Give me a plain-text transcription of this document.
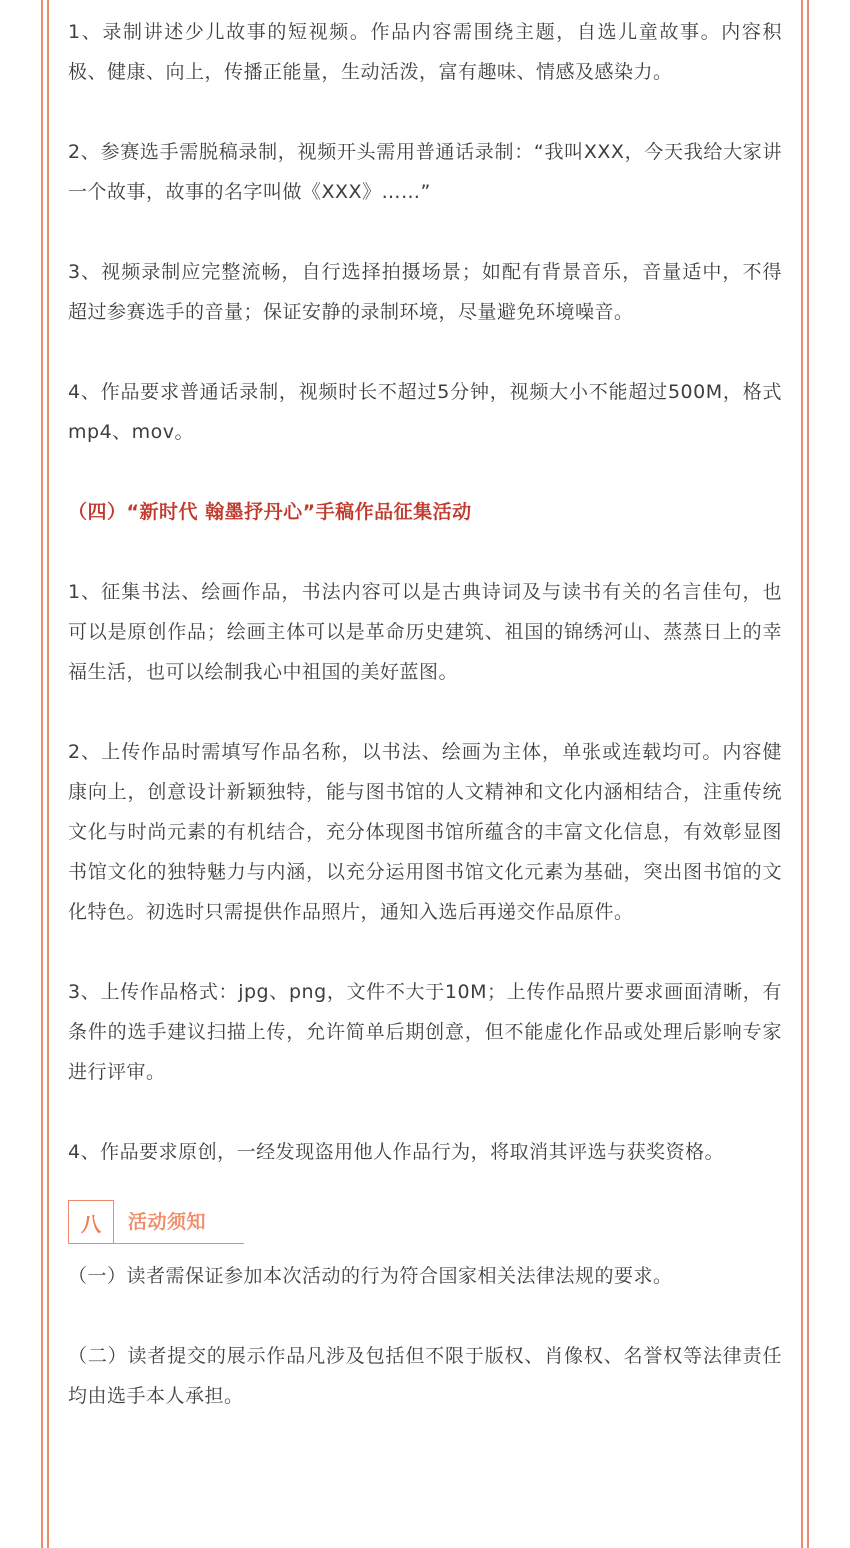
1、录制讲述少儿故事的短视频。作品内容需围绕主题，自选儿童故事。内容积极、健康、向上，传播正能量，生动活泼，富有趣味、情感及感染力。

2、参赛选手需脱稿录制，视频开头需用普通话录制：“我叫XXX，今天我给大家讲一个故事，故事的名字叫做《XXX》……”

3、视频录制应完整流畅，自行选择拍摄场景；如配有背景音乐，音量适中，不得超过参赛选手的音量；保证安静的录制环境，尽量避免环境噪音。

4、作品要求普通话录制，视频时长不超过5分钟，视频大小不能超过500M，格式mp4、mov。

（四）“新时代 翰墨抒丹心”手稿作品征集活动

1、征集书法、绘画作品，书法内容可以是古典诗词及与读书有关的名言佳句，也可以是原创作品；绘画主体可以是革命历史建筑、祖国的锦绣河山、蒸蒸日上的幸福生活，也可以绘制我心中祖国的美好蓝图。

2、上传作品时需填写作品名称，以书法、绘画为主体，单张或连载均可。内容健康向上，创意设计新颖独特，能与图书馆的人文精神和文化内涵相结合，注重传统文化与时尚元素的有机结合，充分体现图书馆所蕴含的丰富文化信息，有效彰显图书馆文化的独特魅力与内涵，以充分运用图书馆文化元素为基础，突出图书馆的文化特色。初选时只需提供作品照片，通知入选后再递交作品原件。

3、上传作品格式：jpg、png，文件不大于10M；上传作品照片要求画面清晰，有条件的选手建议扫描上传，允许简单后期创意，但不能虚化作品或处理后影响专家进行评审。

4、作品要求原创，一经发现盗用他人作品行为，将取消其评选与获奖资格。

八	活动须知

（一）读者需保证参加本次活动的行为符合国家相关法律法规的要求。

（二）读者提交的展示作品凡涉及包括但不限于版权、肖像权、名誉权等法律责任均由选手本人承担。
